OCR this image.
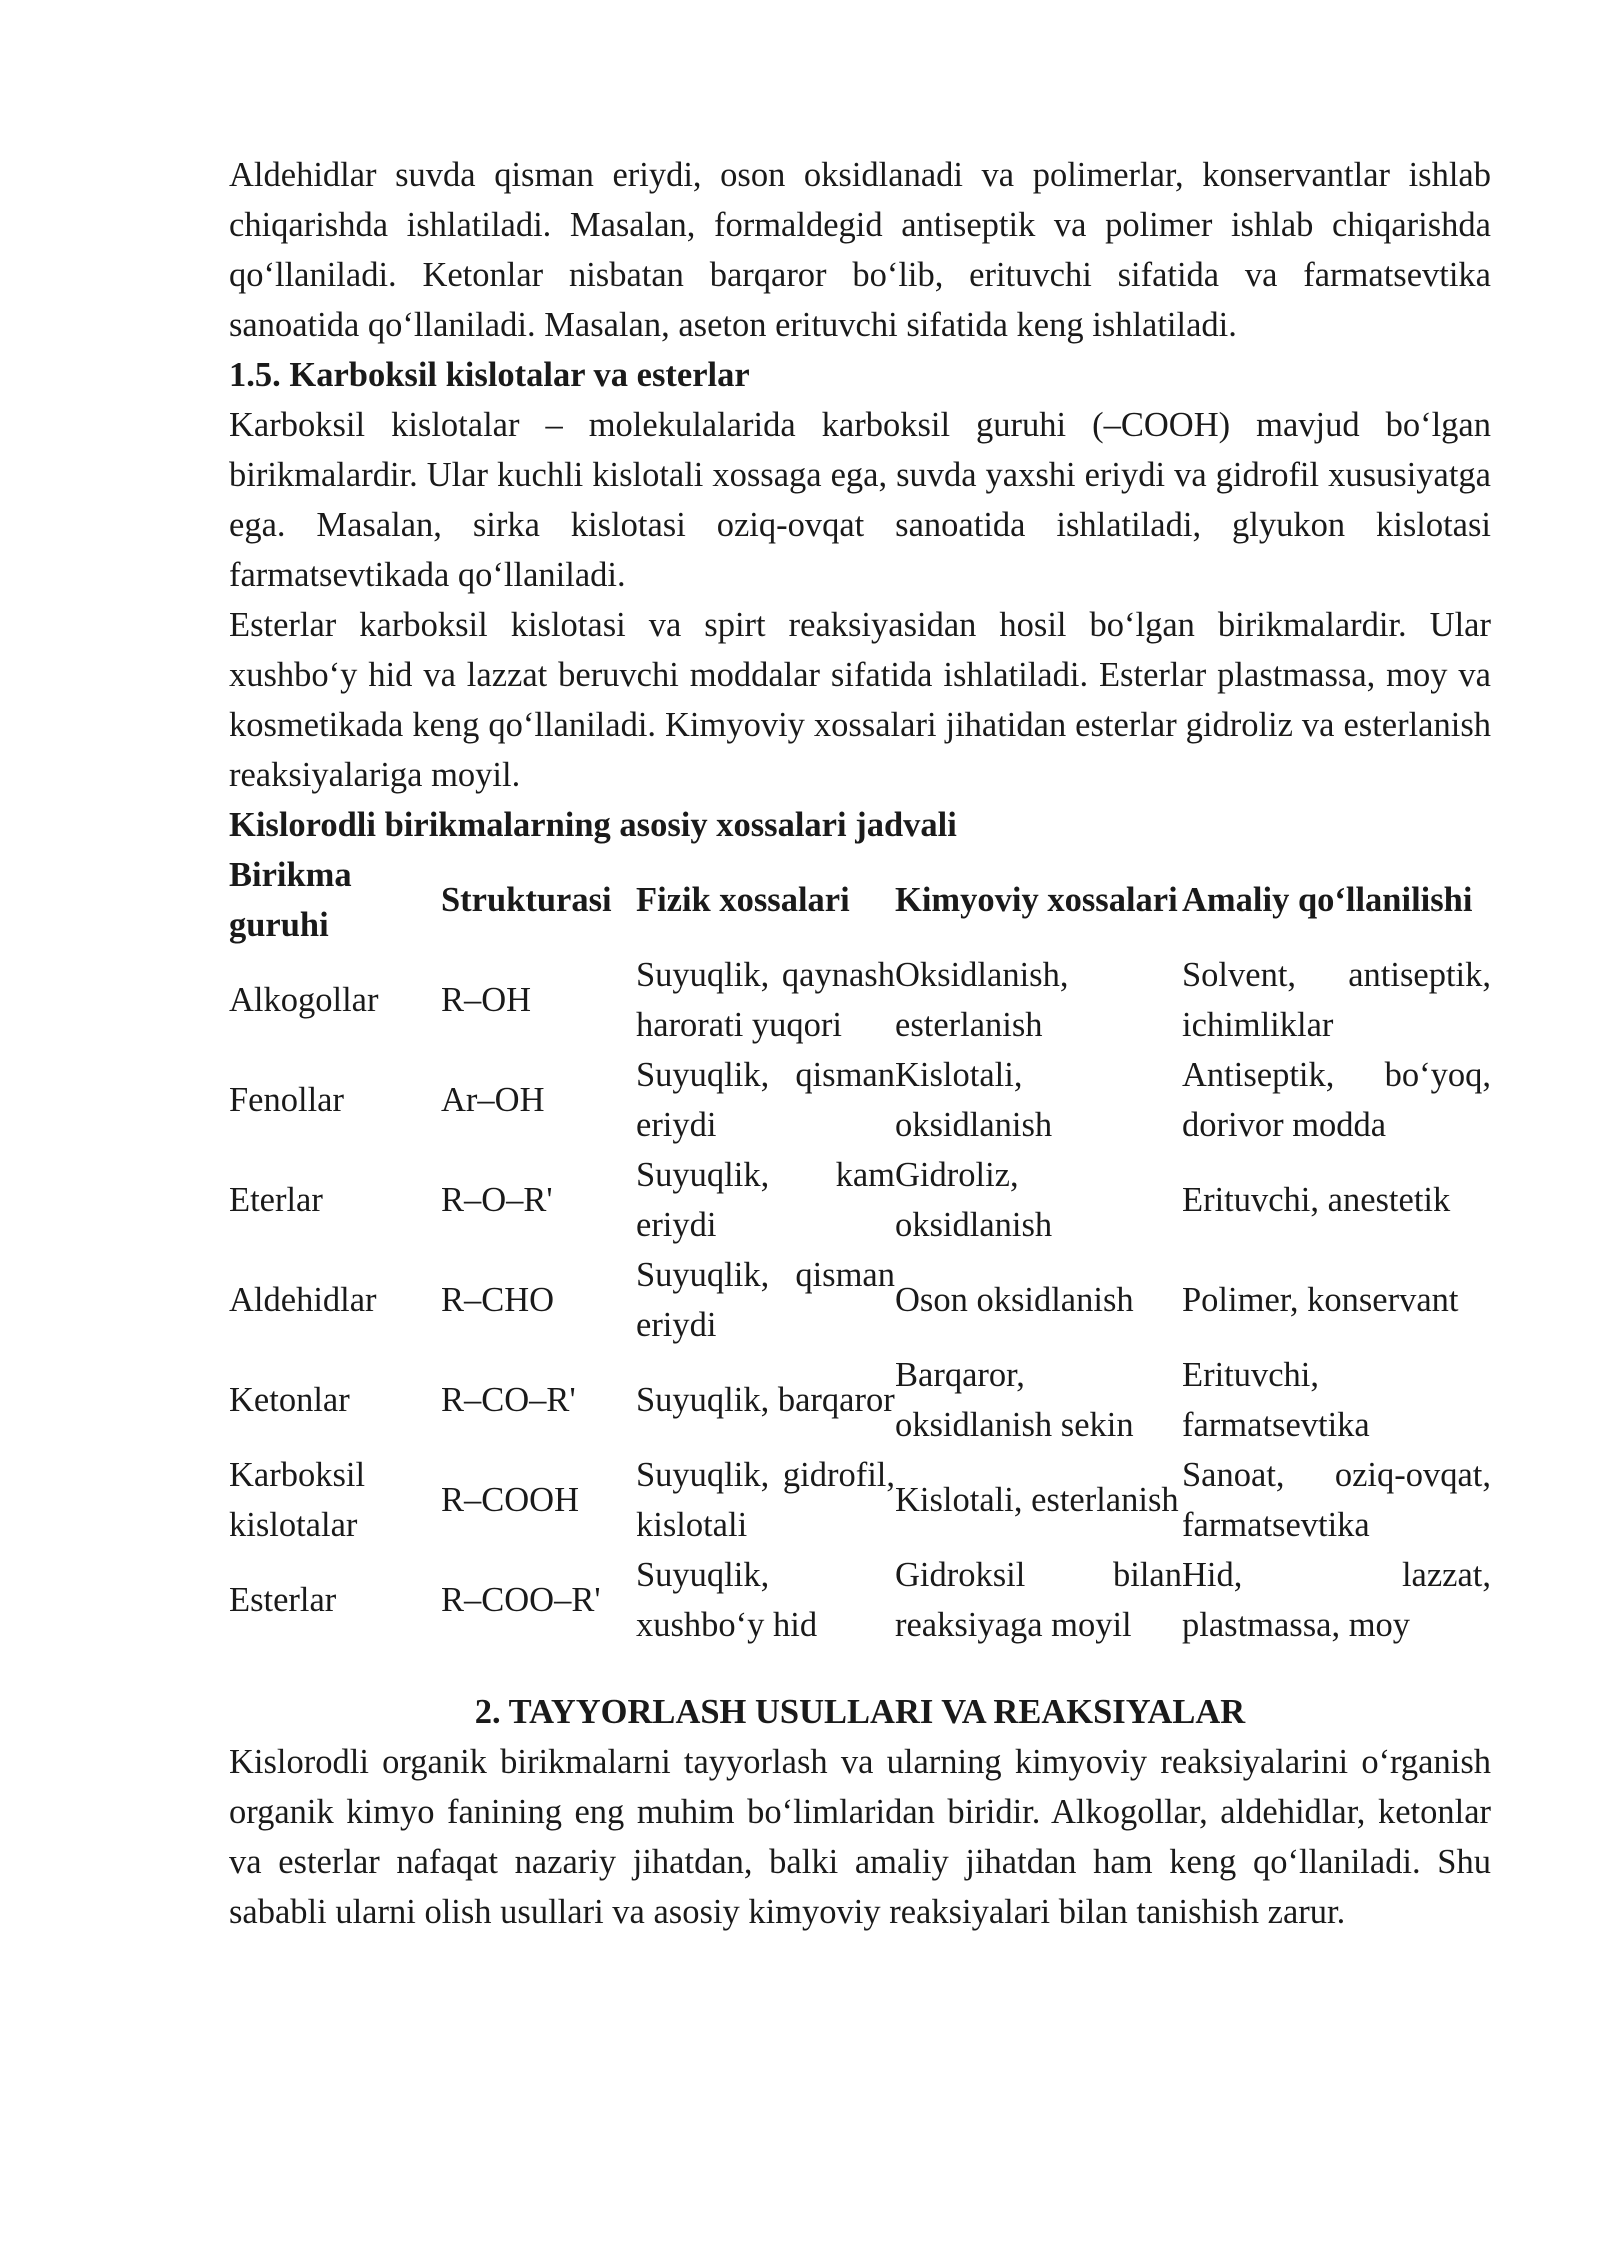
Aldehidlar suvda qisman eriydi, oson oksidlanadi va polimerlar, konservantlar ishlab chiqarishda ishlatiladi. Masalan, formaldegid antiseptik va polimer ishlab chiqarishda qo‘llaniladi. Ketonlar nisbatan barqaror bo‘lib, erituvchi sifatida va farmatsevtika sanoatida qo‘llaniladi. Masalan, aseton erituvchi sifatida keng ishlatiladi.

1.5. Karboksil kislotalar va esterlar

Karboksil kislotalar – molekulalarida karboksil guruhi (–COOH) mavjud bo‘lgan birikmalardir. Ular kuchli kislotali xossaga ega, suvda yaxshi eriydi va gidrofil xususiyatga ega. Masalan, sirka kislotasi oziq-ovqat sanoatida ishlatiladi, glyukon kislotasi farmatsevtikada qo‘llaniladi.

Esterlar karboksil kislotasi va spirt reaksiyasidan hosil bo‘lgan birikmalardir. Ular xushbo‘y hid va lazzat beruvchi moddalar sifatida ishlatiladi. Esterlar plastmassa, moy va kosmetikada keng qo‘llaniladi. Kimyoviy xossalari jihatidan esterlar gidroliz va esterlanish reaksiyalariga moyil.

Kislorodli birikmalarning asosiy xossalari jadvali
Birikma guruhi	Strukturasi	Fizik xossalari	Kimyoviy xossalari	Amaliy qo‘llanilishi
Alkogollar	R–OH	Suyuqlik, qaynash harorati yuqori	Oksidlanish, esterlanish	Solvent, antiseptik, ichimliklar
Fenollar	Ar–OH	Suyuqlik, qisman eriydi	Kislotali, oksidlanish	Antiseptik, bo‘yoq, dorivor modda
Eterlar	R–O–R'	Suyuqlik, kam eriydi	Gidroliz, oksidlanish	Erituvchi, anestetik
Aldehidlar	R–CHO	Suyuqlik, qisman eriydi	Oson oksidlanish	Polimer, konservant
Ketonlar	R–CO–R'	Suyuqlik, barqaror	Barqaror, oksidlanish sekin	Erituvchi, farmatsevtika
Karboksil kislotalar	R–COOH	Suyuqlik, gidrofil, kislotali	Kislotali, esterlanish	Sanoat, oziq-ovqat, farmatsevtika
Esterlar	R–COO–R'	Suyuqlik, xushbo‘y hid	Gidroksil bilan reaksiyaga moyil	Hid, lazzat, plastmassa, moy
2. TAYYORLASH USULLARI VA REAKSIYALAR

Kislorodli organik birikmalarni tayyorlash va ularning kimyoviy reaksiyalarini o‘rganish organik kimyo fanining eng muhim bo‘limlaridan biridir. Alkogollar, aldehidlar, ketonlar va esterlar nafaqat nazariy jihatdan, balki amaliy jihatdan ham keng qo‘llaniladi. Shu sababli ularni olish usullari va asosiy kimyoviy reaksiyalari bilan tanishish zarur.
